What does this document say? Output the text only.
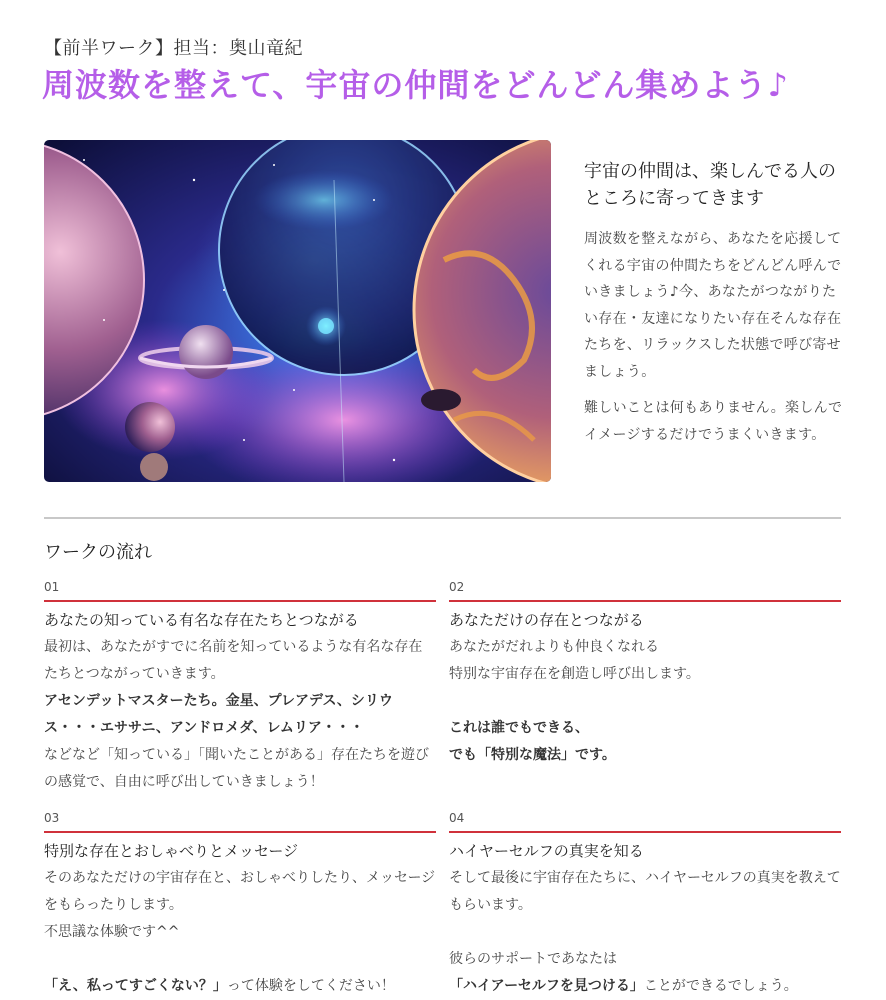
【前半ワーク】担当：奥山竜紀
周波数を整えて、宇宙の仲間をどんどん集めよう♪
宇宙の仲間は、楽しんでる人のところに寄ってきます

周波数を整えながら、あなたを応援してくれる宇宙の仲間たちをどんどん呼んでいきましょう♪今、あなたがつながりたい存在・友達になりたい存在そんな存在たちを、リラックスした状態で呼び寄せましょう。

難しいことは何もありません。楽しんでイメージするだけでうまくいきます。

ワークの流れ
01
あなたの知っている有名な存在たちとつながる

最初は、あなたがすでに名前を知っているような有名な存在たちとつながっていきます。

アセンデットマスターたち。金星、プレアデス、シリウス・・・エササニ、アンドロメダ、レムリア・・・

などなど「知っている」「聞いたことがある」存在たちを遊びの感覚で、自由に呼び出していきましょう！

02
あなただけの存在とつながる

あなたがだれよりも仲良くなれる

特別な宇宙存在を創造し呼び出します。

これは誰でもできる、

でも「特別な魔法」です。

03
特別な存在とおしゃべりとメッセージ

そのあなただけの宇宙存在と、おしゃべりしたり、メッセージをもらったりします。

不思議な体験です^^

「え、私ってすごくない？」って体験をしてください！

04
ハイヤーセルフの真実を知る

そして最後に宇宙存在たちに、ハイヤーセルフの真実を教えてもらいます。

彼らのサポートであなたは

「ハイアーセルフを見つける」ことができるでしょう。
